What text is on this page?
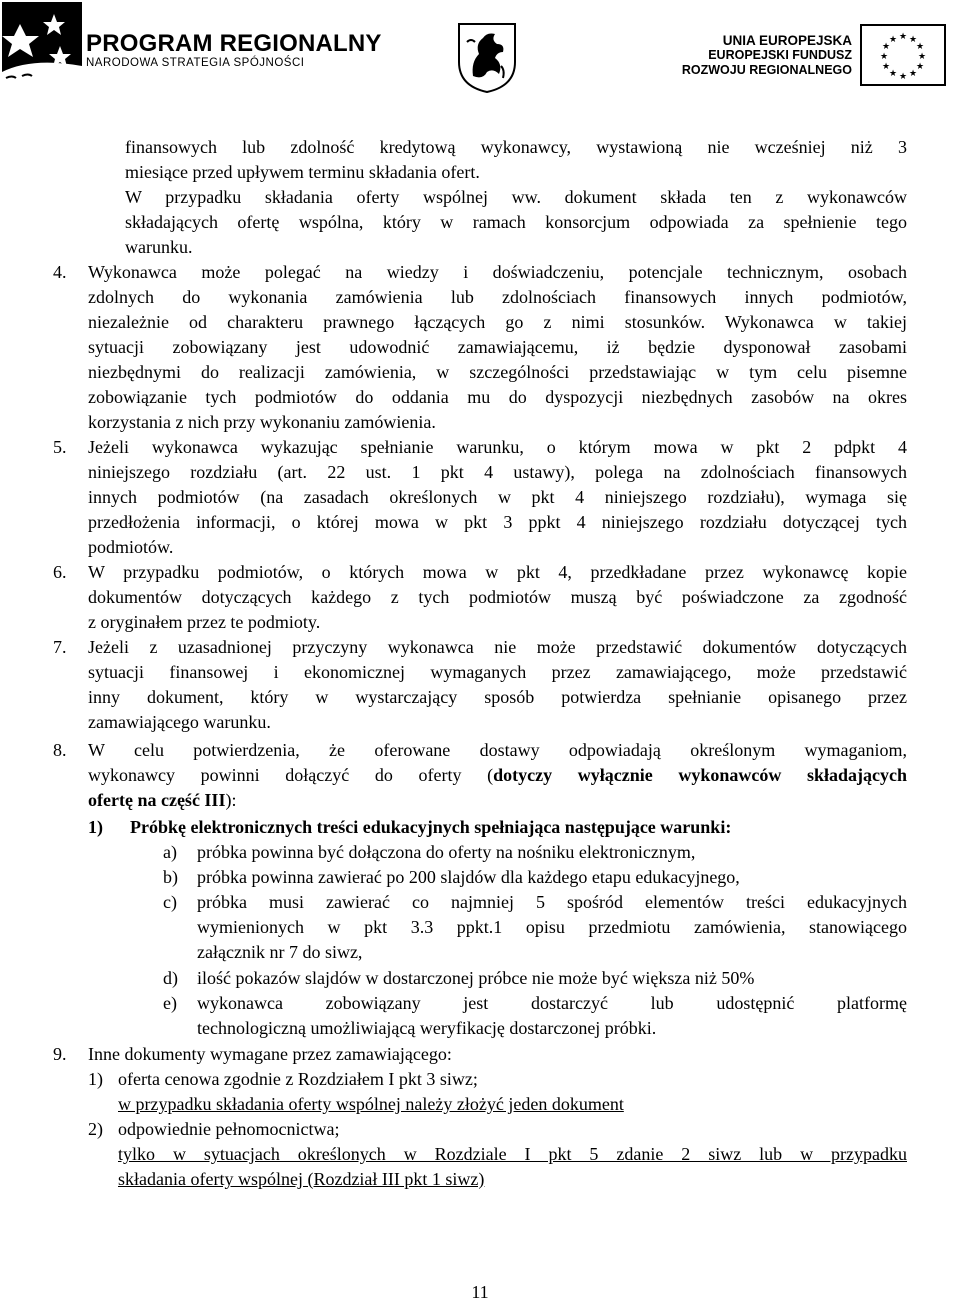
PROGRAM REGIONALNY
NARODOWA STRATEGIA SPÓJNOŚCI
UNIA EUROPEJSKA
EUROPEJSKI FUNDUSZ
ROZWOJU REGIONALNEGO
★ ★
★
★
★
★
★
★
★
★
★
★
finansowych lub zdolność kredytową wykonawcy, wystawioną nie wcześniej niż 3
miesiące przed upływem terminu składania ofert.
W przypadku składania oferty wspólnej ww. dokument składa ten z wykonawców
składających ofertę wspólna, który w ramach konsorcjum odpowiada za spełnienie tego
warunku.
4. Wykonawca może polegać na wiedzy i doświadczeniu, potencjale technicznym, osobach
zdolnych do wykonania zamówienia lub zdolnościach finansowych innych podmiotów,
niezależnie od charakteru prawnego łączących go z nimi stosunków. Wykonawca w takiej
sytuacji zobowiązany jest udowodnić zamawiającemu, iż będzie dysponował zasobami
niezbędnymi do realizacji zamówienia, w szczególności przedstawiając w tym celu pisemne
zobowiązanie tych podmiotów do oddania mu do dyspozycji niezbędnych zasobów na okres
korzystania z nich przy wykonaniu zamówienia.
5. Jeżeli wykonawca wykazując spełnianie warunku, o którym mowa w pkt 2 pdpkt 4
niniejszego rozdziału (art. 22 ust. 1 pkt 4 ustawy), polega na zdolnościach finansowych
innych podmiotów (na zasadach określonych w pkt 4 niniejszego rozdziału), wymaga się
przedłożenia informacji, o której mowa w pkt 3 ppkt 4 niniejszego rozdziału dotyczącej tych
podmiotów.
6. W przypadku podmiotów, o których mowa w pkt 4, przedkładane przez wykonawcę kopie
dokumentów dotyczących każdego z tych podmiotów muszą być poświadczone za zgodność
z oryginałem przez te podmioty.
7. Jeżeli z uzasadnionej przyczyny wykonawca nie może przedstawić dokumentów dotyczących
sytuacji finansowej i ekonomicznej wymaganych przez zamawiającego, może przedstawić
inny dokument, który w wystarczający sposób potwierdza spełnianie opisanego przez
zamawiającego warunku.
8. W celu potwierdzenia, że oferowane dostawy odpowiadają określonym wymaganiom,
wykonawcy powinni dołączyć do oferty (dotyczy wyłącznie wykonawców składających
ofertę na część III):
1) Próbkę elektronicznych treści edukacyjnych spełniająca następujące warunki:
a) próbka powinna być dołączona do oferty na nośniku elektronicznym,
b) próbka powinna zawierać po 200 slajdów dla każdego etapu edukacyjnego,
c) próbka musi zawierać co najmniej 5 spośród elementów treści edukacyjnych
wymienionych w pkt 3.3 ppkt.1 opisu przedmiotu zamówienia, stanowiącego
załącznik nr 7 do siwz,
d) ilość pokazów slajdów w dostarczonej próbce nie może być większa niż 50%
e) wykonawca zobowiązany jest dostarczyć lub udostępnić platformę
technologiczną umożliwiającą weryfikację dostarczonej próbki.
9. Inne dokumenty wymagane przez zamawiającego:
1) oferta cenowa zgodnie z Rozdziałem I pkt 3 siwz;
w przypadku składania oferty wspólnej należy złożyć jeden dokument
2) odpowiednie pełnomocnictwa;
tylko w sytuacjach określonych w Rozdziale I pkt 5 zdanie 2 siwz lub w przypadku
składania oferty wspólnej (Rozdział III pkt 1 siwz)
11
